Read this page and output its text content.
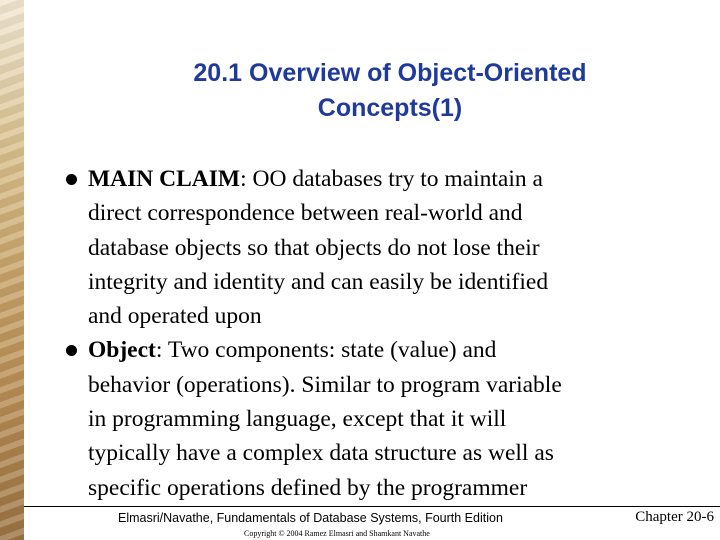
20.1 Overview of Object-Oriented
Concepts(1)
MAIN CLAIM: OO databases try to maintain a
direct correspondence between real-world and
database objects so that objects do not lose their
integrity and identity and can easily be identified
and operated upon
Object: Two components: state (value) and
behavior (operations). Similar to program variable
in programming language, except that it will
typically have a complex data structure as well as
specific operations defined by the programmer
Elmasri/Navathe, Fundamentals of Database Systems, Fourth Edition
Copyright © 2004 Ramez Elmasri and Shamkant Navathe
Chapter 20-6
